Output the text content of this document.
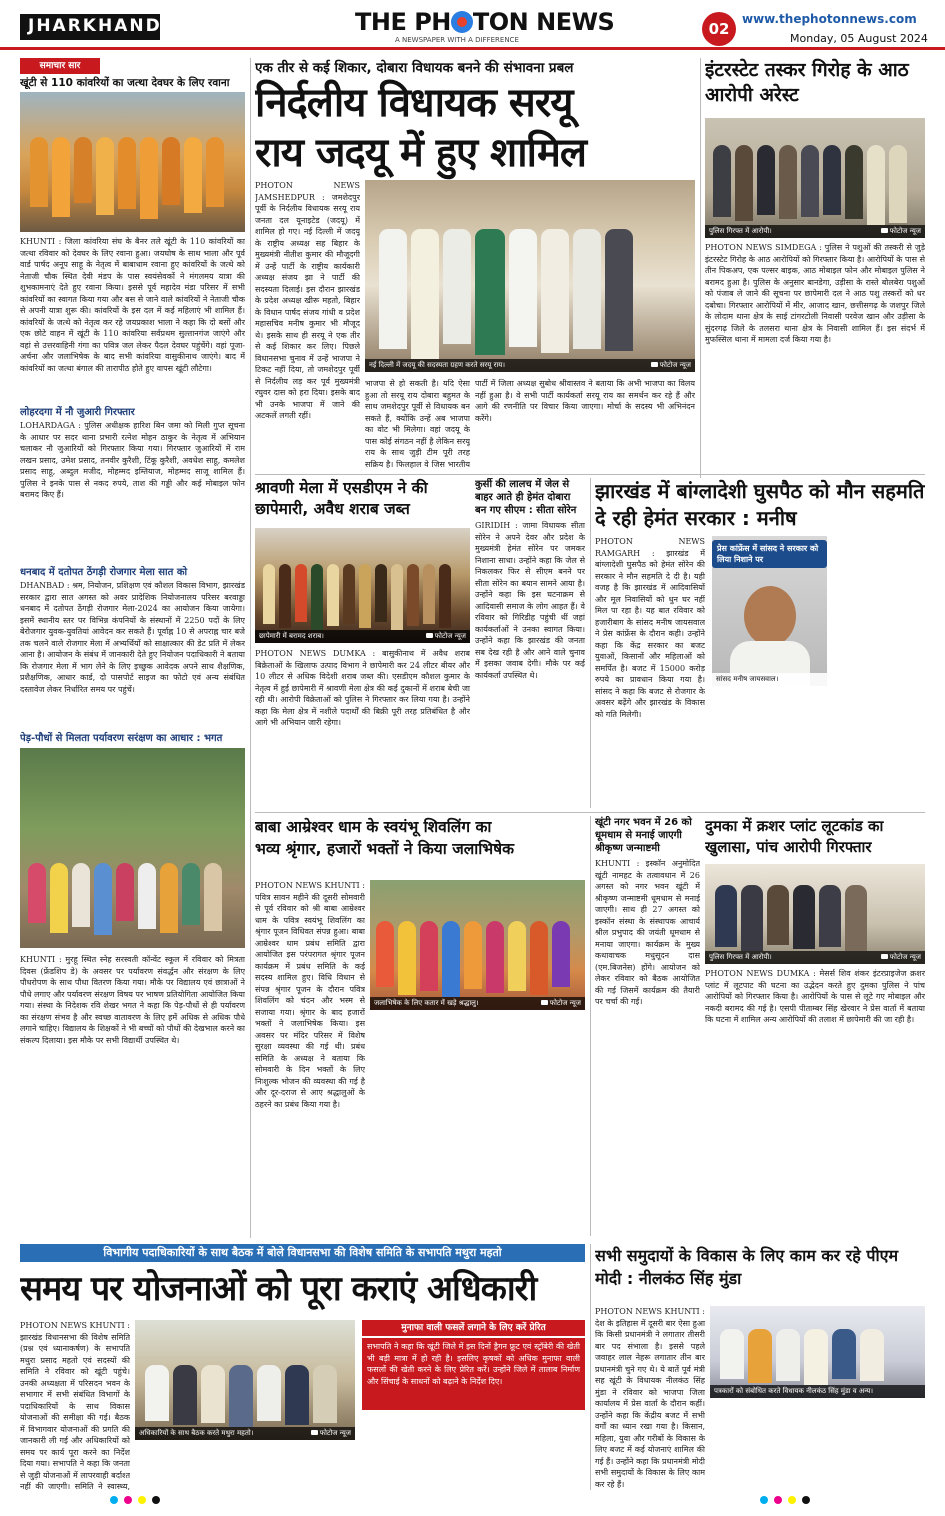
JHARKHAND	THE PH TON NEWS
A NEWSPAPER WITH A DIFFERENCE
02
www.thephotonnews.com
Monday, 05 August 2024
समाचार सार
खूंटी से 110 कांवरियों का जत्था देवघर के लिए रवाना
KHUNTI : जिला कांवरिया संघ के बैनर तले खूंटी के 110 कांवरियों का जत्था रविवार को देवघर के लिए रवाना हुआ। जयघोष के साथ भाला और पूर्व वार्ड पार्षद अनूप साहू के नेतृत्व में बाबाधाम रवाना हुए कांवरियों के जत्थे को नेताजी चौक स्थित देवी मंडप के पास स्वयंसेवकों ने मंगलमय यात्रा की शुभकामनाएं देते हुए रवाना किया। इससे पूर्व महादेव मंडा परिसर में सभी कांवरियों का स्वागत किया गया और बस से जाने वाले कांवरियों ने नेताजी चौक से अपनी यात्रा शुरू की। कांवरियों के इस दल में कई महिलाएं भी शामिल हैं। कांवरियों के जत्थे को नेतृत्व कर रहे जयप्रकाश भाला ने कहा कि दो बसों और एक छोटे वाहन में खूंटी के 110 कांवरिया सर्वप्रथम सुल्तानगंज जाएंगे और वहां से उत्तरवाहिनी गंगा का पवित्र जल लेकर पैदल देवघर पहुंचेंगे। वहां पूजा-अर्चना और जलाभिषेक के बाद सभी कांवरिया वासुकीनाथ जाएंगे। बाद में कांवरियों का जत्था बंगाल की तारापीठ होते हुए वापस खूंटी लौटेगा।
लोहरदगा में नौ जुआरी गिरफ्तार
LOHARDAGA : पुलिस अधीक्षक हारिश बिन जमा को मिली गुप्त सूचना के आधार पर सदर थाना प्रभारी रत्नेश मोहन ठाकुर के नेतृत्व में अभियान चलाकर नौ जुआरियों को गिरफ्तार किया गया। गिरफ्तार जुआरियों में राम लखन प्रसाद, उमेश प्रसाद, तनवीर कुरैशी, टिंकू कुरैशी, अवधेश साहू, कमलेश प्रसाद साहू, अब्दुल मजीद, मोहम्मद इम्तियाज, मोहम्मद साजू शामिल हैं। पुलिस ने इनके पास से नकद रुपये, ताश की गड्डी और कई मोबाइल फोन बरामद किए हैं।
धनबाद में दतोपत ठेंगड़ी रोजगार मेला सात को
DHANBAD : श्रम, नियोजन, प्रशिक्षण एवं कौशल विकास विभाग, झारखंड सरकार द्वारा सात अगस्त को अवर प्रादेशिक नियोजनालय परिसर बरवाड्डा धनबाद में दतोपत ठेंगड़ी रोजगार मेला-2024 का आयोजन किया जायेगा। इसमें स्थानीय स्तर पर विभिन्न कंपनियों के संस्थानों में 2250 पदों के लिए बेरोजगार युवक-युवतियां आवेदन कर सकते हैं। पूर्वाह्न 10 से अपराह्न चार बजे तक चलने वाले रोजगार मेला में अभ्यर्थियों को साक्षात्कार की डेट प्रति में लेकर आना है। आयोजन के संबंध में जानकारी देते हुए नियोजन पदाधिकारी ने बताया कि रोजगार मेला में भाग लेने के लिए इच्छुक आवेदक अपने साथ शैक्षणिक, प्रशैक्षणिक, आधार कार्ड, दो पासपोर्ट साइज का फोटो एवं अन्य संबंधित दस्तावेज लेकर निर्धारित समय पर पहुंचें।
पेड़-पौधों से मिलता पर्यावरण सरंक्षण का आधार : भगत
KHUNTI : मुरहू स्थित स्नेह सरस्वती कॉन्वेंट स्कूल में रविवार को मित्रता दिवस (फ्रेंडशिप डे) के अवसर पर पर्यावरण संवर्द्धन और संरक्षण के लिए पौधरोपण के साथ पौधा वितरण किया गया। मौके पर विद्यालय एवं छात्राओं ने पौधे लगाए और पर्यावरण संरक्षण विषय पर भाषण प्रतियोगिता आयोजित किया गया। संस्था के निदेशक रवि शेखर भगत ने कहा कि पेड़-पौधों से ही पर्यावरण का संरक्षण संभव है और स्वच्छ वातावरण के लिए हमें अधिक से अधिक पौधे लगाने चाहिए। विद्यालय के शिक्षकों ने भी बच्चों को पौधों की देखभाल करने का संकल्प दिलाया। इस मौके पर सभी विद्यार्थी उपस्थित थे।
एक तीर से कई शिकार, दोबारा विधायक बनने की संभावना प्रबल
निर्दलीय विधायक सरयू
राय जदयू में हुए शामिल
नई दिल्ली में जदयू की सदस्यता ग्रहण करते सरयू राय।	फोटोज न्यूज
PHOTON NEWS JAMSHEDPUR : जमशेदपुर पूर्वी के निर्दलीय विधायक सरयू राय जनता दल यूनाइटेड (जदयू) में शामिल हो गए। नई दिल्ली में जदयू के राष्ट्रीय अध्यक्ष सह बिहार के मुख्यमंत्री नीतीश कुमार की मौजूदगी में उन्हें पार्टी के राष्ट्रीय कार्यकारी अध्यक्ष संजय झा ने पार्टी की सदस्यता दिलाई। इस दौरान झारखंड के प्रदेश अध्यक्ष खीरू महतो, बिहार के विधान पार्षद संजय गांधी व प्रदेश महासचिव मनीष कुमार भी मौजूद थे। इसके साथ ही सरयू ने एक तीर से कई शिकार कर लिए। पिछले विधानसभा चुनाव में उन्हें भाजपा ने टिकट नहीं दिया, तो जमशेदपुर पूर्वी से निर्दलीय लड़ कर पूर्व मुख्यमंत्री रघुवर दास को हरा दिया। इसके बाद भी उनके भाजपा में जाने की अटकलें लगती रहीं।
भाजपा से हो सकती है। यदि ऐसा हुआ तो सरयू राय दोबारा बहुमत के साथ जमशेदपुर पूर्वी से विधायक बन सकते हैं, क्योंकि उन्हें अब भाजपा का वोट भी मिलेगा। वहां जदयू के पास कोई संगठन नहीं है लेकिन सरयू राय के साथ जुड़ी टीम पूरी तरह सक्रिय है। फिलहाल वे जिस भारतीय
पार्टी में जिला अध्यक्ष सुबोध श्रीवास्तव ने बताया कि अभी भाजपा का विलय नहीं हुआ है। वे सभी पार्टी कार्यकर्ता सरयू राय का समर्थन कर रहे हैं और आगे की रणनीति पर विचार किया जाएगा। मोर्चा के सदस्य भी अभिनंदन करेंगे।
इंटरस्टेट तस्कर गिरोह के आठ आरोपी अरेस्ट
पुलिस गिरफ्त में आरोपी।	फोटोज न्यूज
PHOTON NEWS SIMDEGA : पुलिस ने पशुओं की तस्करी से जुड़े इंटरस्टेट गिरोह के आठ आरोपियों को गिरफ्तार किया है। आरोपियों के पास से तीन पिकअप, एक पल्सर बाइक, आठ मोबाइल फोन और मोबाइल पुलिस ने बरामद हुआ है। पुलिस के अनुसार बानडेगा, उड़ीसा के रास्ते बोलबेरा पशुओं को पंजाब ले जाने की सूचना पर छापेमारी दल ने आठ पशु तस्करों को धर दबोचा। गिरफ्तार आरोपियों में मीर, आजाद खान, छत्तीसगढ़ के जशपुर जिले के लोदाम थाना क्षेत्र के साई टांगरटोली निवासी परवेज खान और उड़ीसा के सुंदरगढ़ जिले के तलसरा थाना क्षेत्र के निवासी शामिल हैं। इस संदर्भ में मुफस्सिल थाना में मामला दर्ज किया गया है।
श्रावणी मेला में एसडीएम ने की छापेमारी, अवैध शराब जब्त
छापेमारी में बरामद शराब।	फोटोज न्यूज
PHOTON NEWS DUMKA : बासुकीनाथ में अवैध शराब बिक्रेताओं के खिलाफ उत्पाद विभाग ने छापेमारी कर 24 लीटर बीयर और 10 लीटर से अधिक विदेशी शराब जब्त की। एसडीएम कौशल कुमार के नेतृत्व में हुई छापेमारी में श्रावणी मेला क्षेत्र की कई दुकानों में शराब बेची जा रही थी। आरोपी विक्रेताओं को पुलिस ने गिरफ्तार कर लिया गया है। उन्होंने कहा कि मेला क्षेत्र में नशीले पदार्थों की बिक्री पूरी तरह प्रतिबंधित है और आगे भी अभियान जारी रहेगा।
कुर्सी की लालच में जेल से बाहर आते ही हेमंत दोबारा बन गए सीएम : सीता सोरेन
GIRIDIH : जामा विधायक सीता सोरेन ने अपने देवर और प्रदेश के मुख्यमंत्री हेमंत सोरेन पर जमकर निशाना साधा। उन्होंने कहा कि जेल से निकलकर फिर से सीएम बनने पर सीता सोरेन का बयान सामने आया है। उन्होंने कहा कि इस घटनाक्रम से आदिवासी समाज के लोग आहत हैं। वे रविवार को गिरिडीह पहुंची थीं जहां कार्यकर्ताओं ने उनका स्वागत किया। उन्होंने कहा कि झारखंड की जनता सब देख रही है और आने वाले चुनाव में इसका जवाब देगी। मौके पर कई कार्यकर्ता उपस्थित थे।
झारखंड में बांग्लादेशी घुसपैठ को मौन सहमति दे रही हेमंत सरकार : मनीष
PHOTON NEWS RAMGARH : झारखंड में बांग्लादेशी घुसपैठ को हेमंत सोरेन की सरकार ने मौन सहमति दे दी है। यही वजह है कि झारखंड में आदिवासियों और मूल निवासियों को धुन घर नहीं मिल पा रहा है। यह बात रविवार को हजारीबाग के सांसद मनीष जायसवाल ने प्रेस कांफ्रेंस के दौरान कही। उन्होंने कहा कि केंद्र सरकार का बजट युवाओं, किसानों और महिलाओं को समर्पित है। बजट में 15000 करोड़ रुपये का प्रावधान किया गया है। सांसद ने कहा कि बजट से रोजगार के अवसर बढ़ेंगे और झारखंड के विकास को गति मिलेगी।
सांसद मनीष जायसवाल।
प्रेस कांफ्रेंस में सांसद ने सरकार को लिया निशाने पर
बाबा आम्रेश्वर धाम के स्वयंभू शिवलिंग का
भव्य श्रृंगार, हजारों भक्तों ने किया जलाभिषेक
PHOTON NEWS KHUNTI : पवित्र सावन महीने की दूसरी सोमवारी से पूर्व रविवार को श्री बाबा आम्रेश्वर धाम के पवित्र स्वयंभू शिवलिंग का श्रृंगार पूजन विधिवत संपन्न हुआ। बाबा आम्रेश्वर धाम प्रबंध समिति द्वारा आयोजित इस परंपरागत श्रृंगार पूजन कार्यक्रम में प्रबंध समिति के कई सदस्य शामिल हुए। विधि विधान से संपन्न श्रृंगार पूजन के दौरान पवित्र शिवलिंग को चंदन और भस्म से सजाया गया। श्रृंगार के बाद हजारों भक्तों ने जलाभिषेक किया। इस अवसर पर मंदिर परिसर में विशेष सुरक्षा व्यवस्था की गई थी। प्रबंध समिति के अध्यक्ष ने बताया कि सोमवारी के दिन भक्तों के लिए निःशुल्क भोजन की व्यवस्था की गई है और दूर-दराज से आए श्रद्धालुओं के ठहरने का प्रबंध किया गया है।
जलाभिषेक के लिए कतार में खड़े श्रद्धालु।	फोटोज न्यूज
खूंटी नगर भवन में 26 को धूमधाम से मनाई जाएगी श्रीकृष्ण जन्माष्टमी
KHUNTI : इस्कॉन अनुमोदित खूंटी नामहट के तत्वावधान में 26 अगस्त को नगर भवन खूंटी में श्रीकृष्ण जन्माष्टमी धूमधाम से मनाई जाएगी। साथ ही 27 अगस्त को इस्कॉन संस्था के संस्थापक आचार्य श्रील प्रभुपाद की जयंती धूमधाम से मनाया जाएगा। कार्यक्रम के मुख्य कथावाचक मधुसूदन दास (एम.बिजनेस) होंगे। आयोजन को लेकर रविवार को बैठक आयोजित की गई जिसमें कार्यक्रम की तैयारी पर चर्चा की गई।
दुमका में क्रशर प्लांट लूटकांड का खुलासा, पांच आरोपी गिरफ्तार
पुलिस गिरफ्त में आरोपी।	फोटोज न्यूज
PHOTON NEWS DUMKA : मेसर्स शिव शंकर इंटरप्राइजेज क्रशर प्लांट में लूटपाट की घटना का उद्भेदन करते हुए दुमका पुलिस ने पांच आरोपियों को गिरफ्तार किया है। आरोपियों के पास से लूटे गए मोबाइल और नकदी बरामद की गई है। एसपी पीताम्बर सिंह खेरवार ने प्रेस वार्ता में बताया कि घटना में शामिल अन्य आरोपियों की तलाश में छापेमारी की जा रही है।
विभागीय पदाधिकारियों के साथ बैठक में बोले विधानसभा की विशेष समिति के सभापति मथुरा महतो
समय पर योजनाओं को पूरा कराएं अधिकारी
PHOTON NEWS KHUNTI : झारखंड विधानसभा की विशेष समिति (प्रश्न एवं ध्यानाकर्षण) के सभापति मथुरा प्रसाद महतो एवं सदस्यों की समिति ने रविवार को खूंटी पहुंचे। उनकी अध्यक्षता में परिसदन भवन के सभागार में सभी संबंधित विभागों के पदाधिकारियों के साथ विकास योजनाओं की समीक्षा की गई। बैठक में विभागवार योजनाओं की प्रगति की जानकारी ली गई और अधिकारियों को समय पर कार्य पूरा करने का निर्देश दिया गया। सभापति ने कहा कि जनता से जुड़ी योजनाओं में लापरवाही बर्दाश्त नहीं की जाएगी। समिति ने स्वास्थ्य,
अधिकारियों के साथ बैठक करते मथुरा महतो।	फोटोज न्यूज
मुनाफा वाली फसलें लगाने के लिए करें प्रेरित
सभापति ने कहा कि खूंटी जिले में इस दिनों ड्रैगन फ्रूट एवं स्ट्रॉबेरी की खेती भी बड़ी मात्रा में हो रही है। इसलिए कृषकों को अधिक मुनाफा वाली फसलों की खेती करने के लिए प्रेरित करें। उन्होंने जिले में तालाब निर्माण और सिंचाई के साधनों को बढ़ाने के निर्देश दिए।
सभी समुदायों के विकास के लिए काम कर रहे पीएम मोदी : नीलकंठ सिंह मुंडा
PHOTON NEWS KHUNTI : देश के इतिहास में दूसरी बार ऐसा हुआ कि किसी प्रधानमंत्री ने लगातार तीसरी बार पद संभाला है। इससे पहले जवाहर लाल नेहरू लगातार तीन बार प्रधानमंत्री चुने गए थे। ये बातें पूर्व मंत्री सह खूंटी के विधायक नीलकंठ सिंह मुंडा ने रविवार को भाजपा जिला कार्यालय में प्रेस वार्ता के दौरान कहीं। उन्होंने कहा कि केंद्रीय बजट में सभी वर्गों का ध्यान रखा गया है। किसान, महिला, युवा और गरीबों के विकास के लिए बजट में कई योजनाएं शामिल की गई हैं। उन्होंने कहा कि प्रधानमंत्री मोदी सभी समुदायों के विकास के लिए काम कर रहे हैं।
पत्रकारों को संबोधित करते विधायक नीलकंठ सिंह मुंडा व अन्य।
